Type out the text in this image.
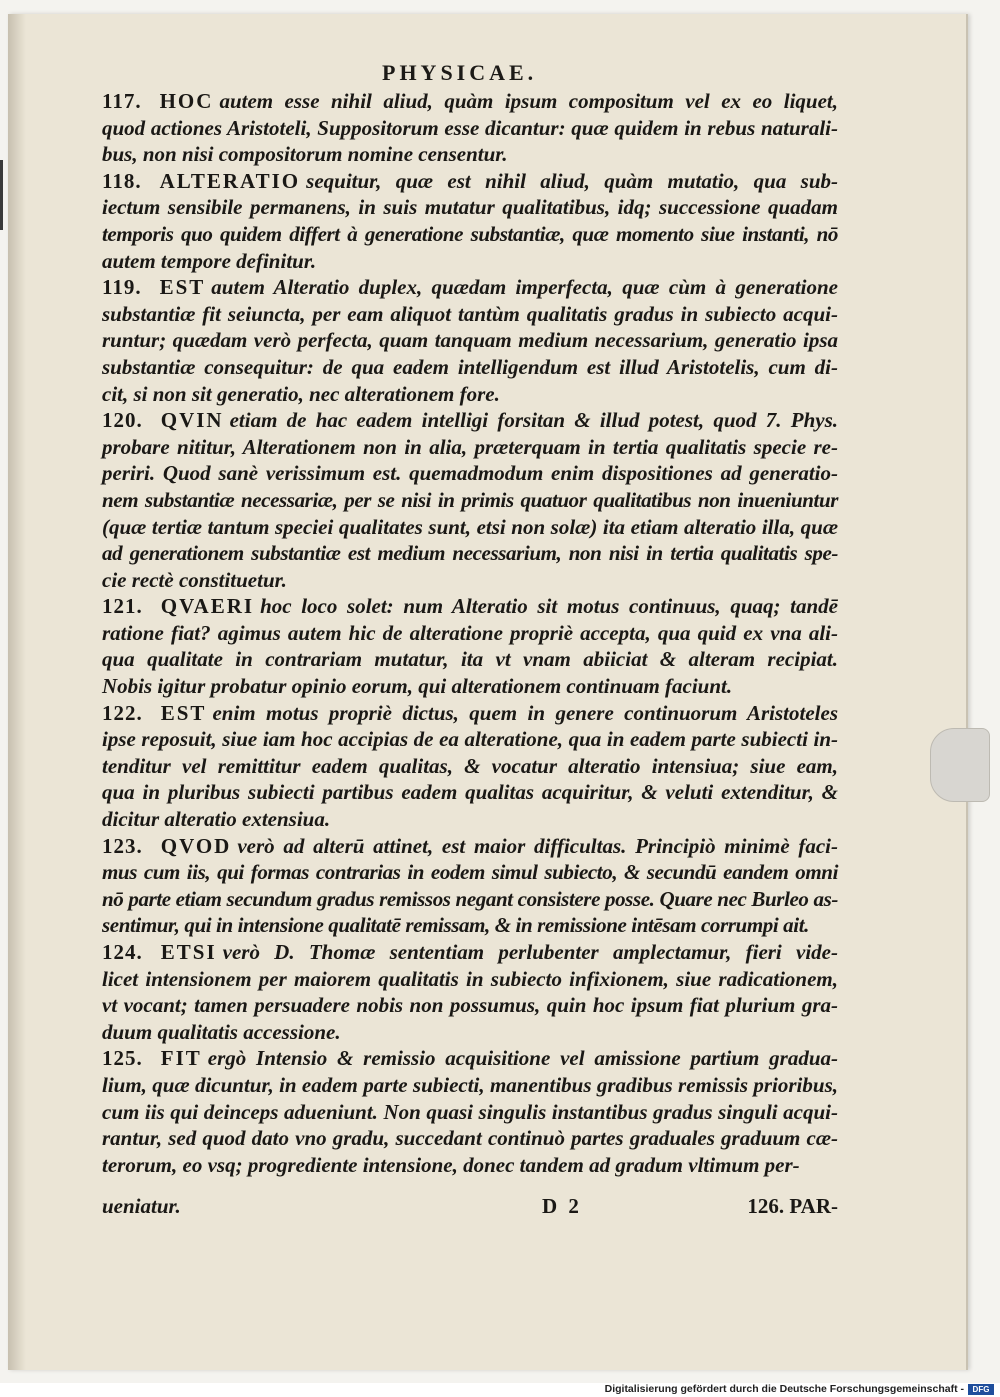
PHYSICAE.
117. HOC autem esse nihil aliud, quàm ipsum compositum vel ex eo liquet,
quod actiones Aristoteli, Suppositorum esse dicantur: quæ quidem in rebus naturali-
bus, non nisi compositorum nomine censentur.
118. ALTERATIO sequitur, quæ est nihil aliud, quàm mutatio, qua sub-
iectum sensibile permanens, in suis mutatur qualitatibus, idq; successione quadam
temporis quo quidem differt à generatione substantiæ, quæ momento siue instanti, nō
autem tempore definitur.
119. EST autem Alteratio duplex, quædam imperfecta, quæ cùm à generatione
substantiæ fit seiuncta, per eam aliquot tantùm qualitatis gradus in subiecto acqui-
runtur; quædam verò perfecta, quam tanquam medium necessarium, generatio ipsa
substantiæ consequitur: de qua eadem intelligendum est illud Aristotelis, cum di-
cit, si non sit generatio, nec alterationem fore.
120. QVIN etiam de hac eadem intelligi forsitan & illud potest, quod 7. Phys.
probare nititur, Alterationem non in alia, præterquam in tertia qualitatis specie re-
periri. Quod sanè verissimum est. quemadmodum enim dispositiones ad generatio-
nem substantiæ necessariæ, per se nisi in primis quatuor qualitatibus non inueniuntur
(quæ tertiæ tantum speciei qualitates sunt, etsi non solæ) ita etiam alteratio illa, quæ
ad generationem substantiæ est medium necessarium, non nisi in tertia qualitatis spe-
cie rectè constituetur.
121. QVAERI hoc loco solet: num Alteratio sit motus continuus, quaq; tandē
ratione fiat? agimus autem hic de alteratione propriè accepta, qua quid ex vna ali-
qua qualitate in contrariam mutatur, ita vt vnam abiiciat & alteram recipiat.
Nobis igitur probatur opinio eorum, qui alterationem continuam faciunt.
122. EST enim motus propriè dictus, quem in genere continuorum Aristoteles
ipse reposuit, siue iam hoc accipias de ea alteratione, qua in eadem parte subiecti in-
tenditur vel remittitur eadem qualitas, & vocatur alteratio intensiua; siue eam,
qua in pluribus subiecti partibus eadem qualitas acquiritur, & veluti extenditur, &
dicitur alteratio extensiua.
123. QVOD verò ad alterū attinet, est maior difficultas. Principiò minimè faci-
mus cum iis, qui formas contrarias in eodem simul subiecto, & secundū eandem omni
nō parte etiam secundum gradus remissos negant consistere posse. Quare nec Burleo as-
sentimur, qui in intensione qualitatē remissam, & in remissione intēsam corrumpi ait.
124. ETSI verò D. Thomæ sententiam perlubenter amplectamur, fieri vide-
licet intensionem per maiorem qualitatis in subiecto infixionem, siue radicationem,
vt vocant; tamen persuadere nobis non possumus, quin hoc ipsum fiat plurium gra-
duum qualitatis accessione.
125. FIT ergò Intensio & remissio acquisitione vel amissione partium gradua-
lium, quæ dicuntur, in eadem parte subiecti, manentibus gradibus remissis prioribus,
cum iis qui deinceps adueniunt. Non quasi singulis instantibus gradus singuli acqui-
rantur, sed quod dato vno gradu, succedant continuò partes graduales graduum cæ-
terorum, eo vsq; progrediente intensione, donec tandem ad gradum vltimum per-
ueniatur.	D 2	126. PAR-
Digitalisierung gefördert durch die Deutsche Forschungsgemeinschaft -	DFG
